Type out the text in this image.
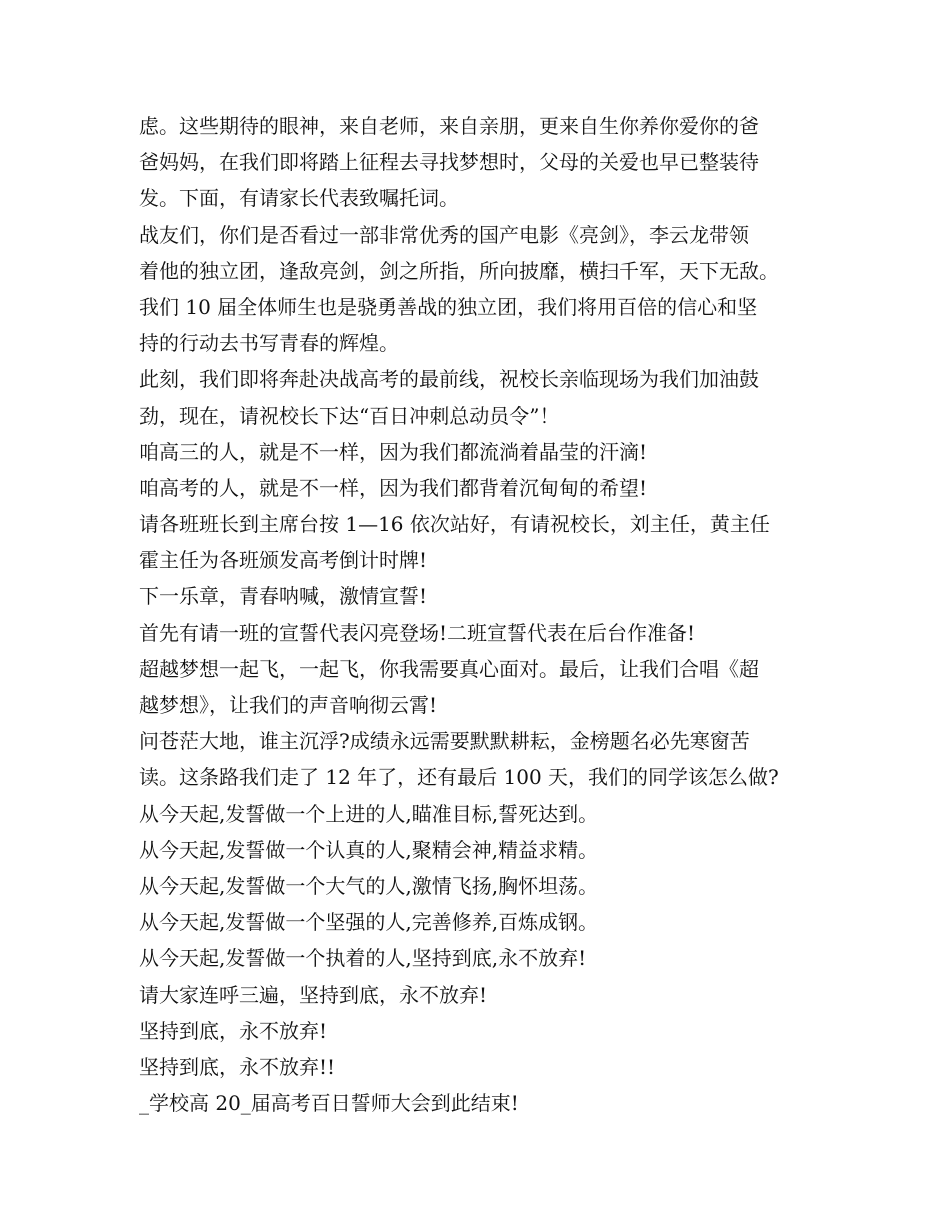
虑。这些期待的眼神，来自老师，来自亲朋，更来自生你养你爱你的爸
爸妈妈，在我们即将踏上征程去寻找梦想时，父母的关爱也早已整装待
发。下面，有请家长代表致嘱托词。
战友们，你们是否看过一部非常优秀的国产电影《亮剑》，李云龙带领
着他的独立团，逢敌亮剑，剑之所指，所向披靡，横扫千军，天下无敌。
我们 10 届全体师生也是骁勇善战的独立团，我们将用百倍的信心和坚
持的行动去书写青春的辉煌。
此刻，我们即将奔赴决战高考的最前线，祝校长亲临现场为我们加油鼓
劲，现在，请祝校长下达“百日冲刺总动员令”！
咱高三的人，就是不一样，因为我们都流淌着晶莹的汗滴!
咱高考的人，就是不一样，因为我们都背着沉甸甸的希望!
请各班班长到主席台按 1—16 依次站好，有请祝校长，刘主任，黄主任
霍主任为各班颁发高考倒计时牌!
下一乐章，青春呐喊，激情宣誓!
首先有请一班的宣誓代表闪亮登场!二班宣誓代表在后台作准备!
超越梦想一起飞，一起飞，你我需要真心面对。最后，让我们合唱《超
越梦想》，让我们的声音响彻云霄!
问苍茫大地，谁主沉浮?成绩永远需要默默耕耘，金榜题名必先寒窗苦
读。这条路我们走了 12 年了，还有最后 100 天，我们的同学该怎么做?
从今天起,发誓做一个上进的人,瞄准目标,誓死达到。
从今天起,发誓做一个认真的人,聚精会神,精益求精。
从今天起,发誓做一个大气的人,激情飞扬,胸怀坦荡。
从今天起,发誓做一个坚强的人,完善修养,百炼成钢。
从今天起,发誓做一个执着的人,坚持到底,永不放弃!
请大家连呼三遍，坚持到底，永不放弃!
坚持到底，永不放弃!
坚持到底，永不放弃!!
_学校高 20_届高考百日誓师大会到此结束!
